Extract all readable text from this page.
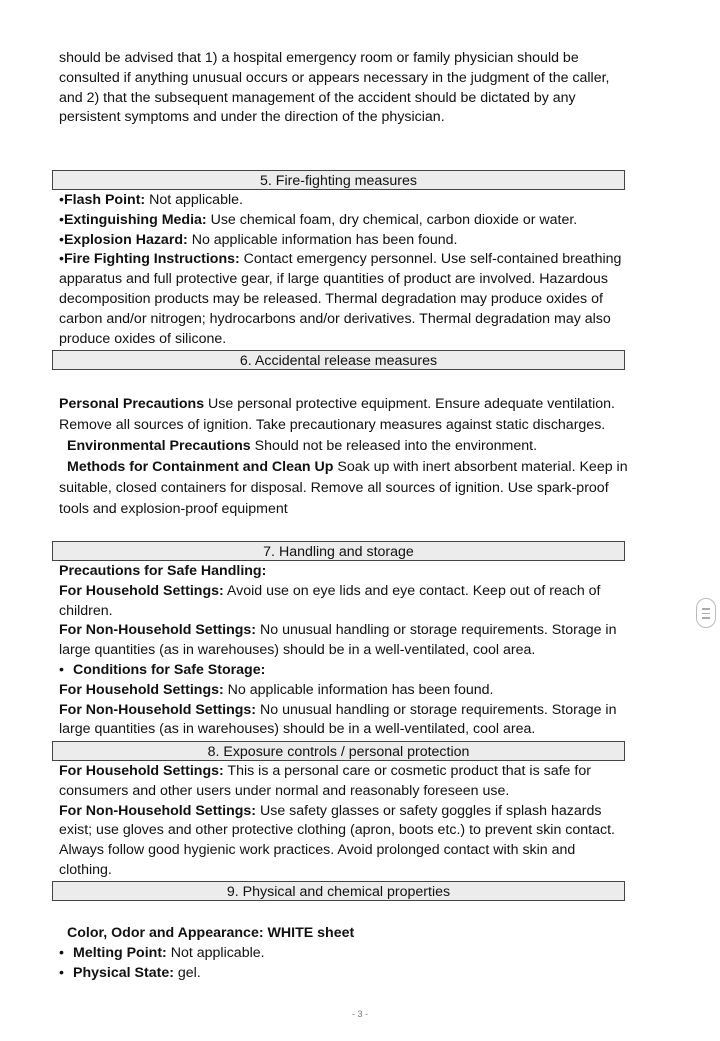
should be advised that 1) a hospital emergency room or family physician should be consulted if anything unusual occurs or appears necessary in the judgment of the caller, and 2) that the subsequent management of the accident should be dictated by any persistent symptoms and under the direction of the physician.

5. Fire-fighting measures

•Flash Point: Not applicable.

•Extinguishing Media: Use chemical foam, dry chemical, carbon dioxide or water.

•Explosion Hazard: No applicable information has been found.

•Fire Fighting Instructions: Contact emergency personnel. Use self-contained breathing apparatus and full protective gear, if large quantities of product are involved. Hazardous decomposition products may be released. Thermal degradation may produce oxides of carbon and/or nitrogen; hydrocarbons and/or derivatives. Thermal degradation may also produce oxides of silicone.

6. Accidental release measures

Personal Precautions Use personal protective equipment. Ensure adequate ventilation. Remove all sources of ignition. Take precautionary measures against static discharges.

Environmental Precautions Should not be released into the environment.

Methods for Containment and Clean Up Soak up with inert absorbent material. Keep in suitable, closed containers for disposal. Remove all sources of ignition. Use spark-proof tools and explosion-proof equipment

7. Handling and storage

Precautions for Safe Handling:

For Household Settings: Avoid use on eye lids and eye contact. Keep out of reach of children.

For Non-Household Settings: No unusual handling or storage requirements. Storage in large quantities (as in warehouses) should be in a well-ventilated, cool area.

• Conditions for Safe Storage:

For Household Settings: No applicable information has been found.

For Non-Household Settings: No unusual handling or storage requirements. Storage in large quantities (as in warehouses) should be in a well-ventilated, cool area.

8. Exposure controls / personal protection

For Household Settings: This is a personal care or cosmetic product that is safe for consumers and other users under normal and reasonably foreseen use.

For Non-Household Settings: Use safety glasses or safety goggles if splash hazards exist; use gloves and other protective clothing (apron, boots etc.) to prevent skin contact. Always follow good hygienic work practices. Avoid prolonged contact with skin and clothing.

9. Physical and chemical properties

Color, Odor and Appearance: WHITE sheet

• Melting Point: Not applicable.

• Physical State: gel.

- 3 -
